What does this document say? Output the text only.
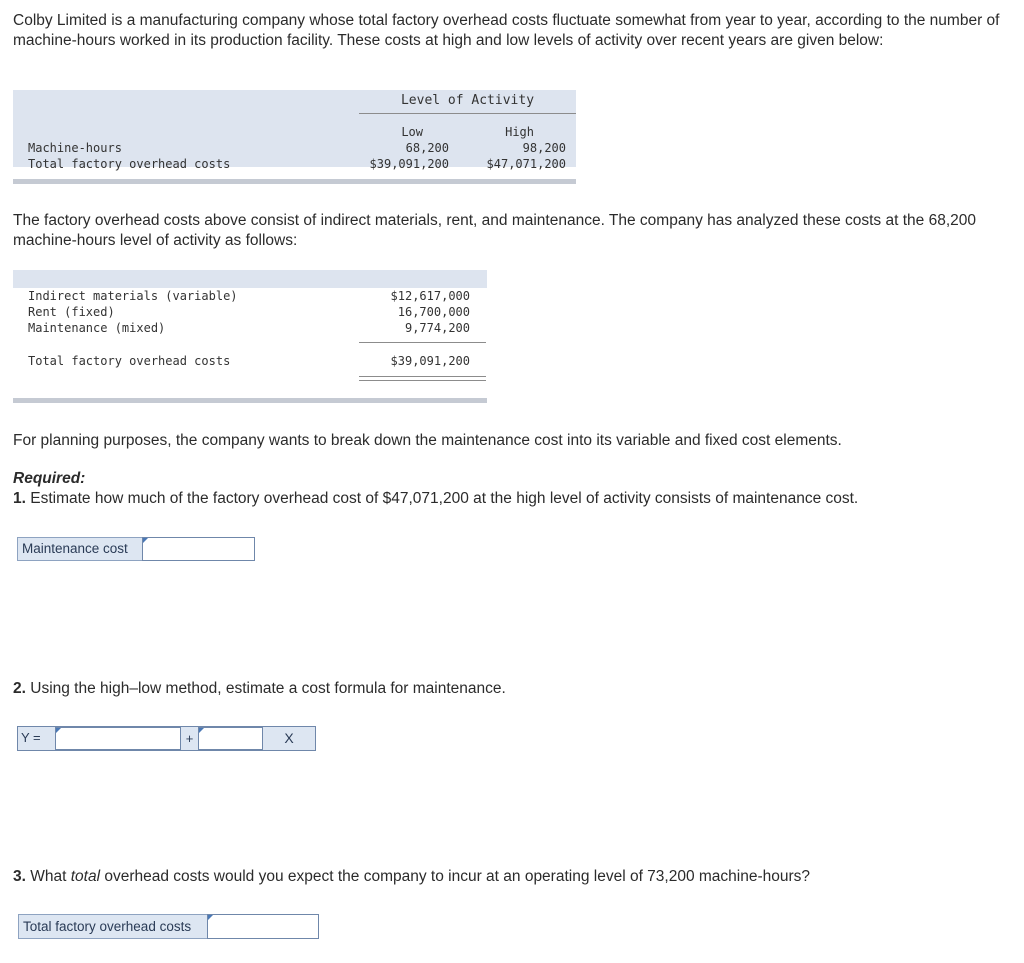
Colby Limited is a manufacturing company whose total factory overhead costs fluctuate somewhat from year to year, according to the number of machine-hours worked in its production facility. These costs at high and low levels of activity over recent years are given below:

Level of Activity
Low	High
Machine-hours	68,200	98,200
Total factory overhead costs	$39,091,200	$47,071,200

The factory overhead costs above consist of indirect materials, rent, and maintenance. The company has analyzed these costs at the 68,200 machine-hours level of activity as follows:

Indirect materials (variable)	$12,617,000
Rent (fixed)	16,700,000
Maintenance (mixed)	9,774,200
Total factory overhead costs	$39,091,200

For planning purposes, the company wants to break down the maintenance cost into its variable and fixed cost elements.

Required:
1. Estimate how much of the factory overhead cost of $47,071,200 at the high level of activity consists of maintenance cost.
Maintenance cost
2. Using the high–low method, estimate a cost formula for maintenance.
Y =	+	X
3. What total overhead costs would you expect the company to incur at an operating level of 73,200 machine-hours?
Total factory overhead costs
